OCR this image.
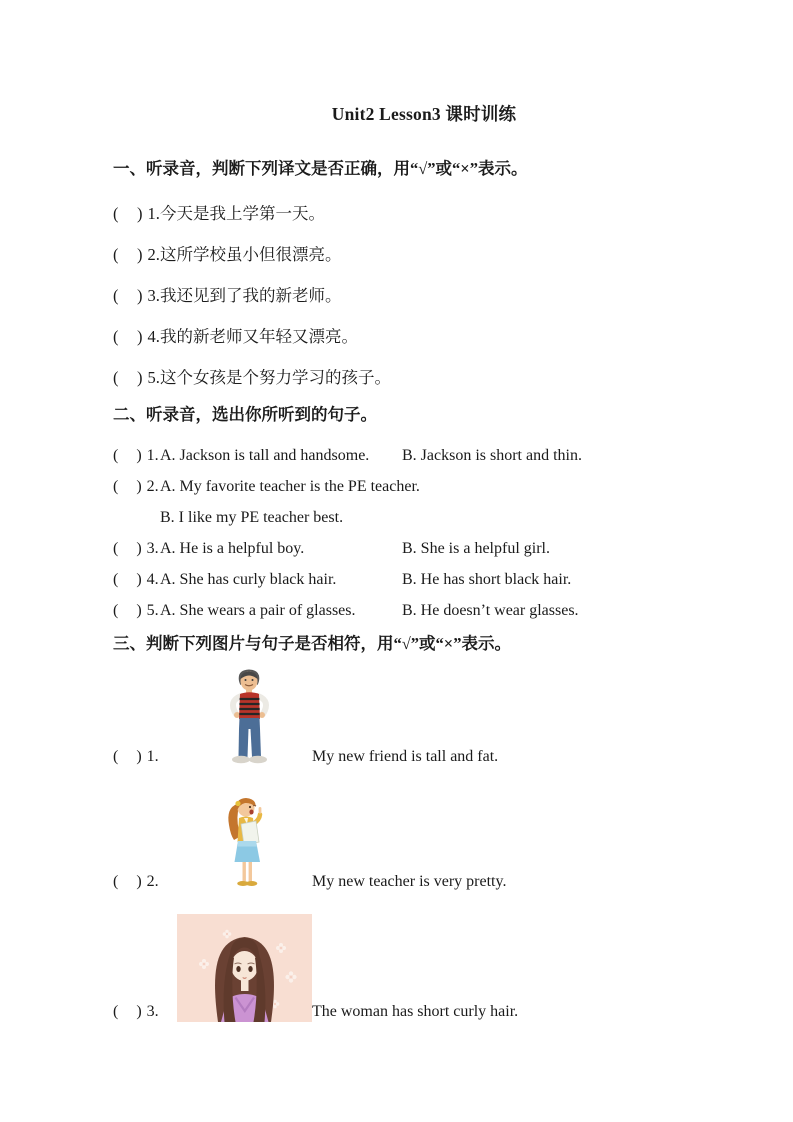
Unit2 Lesson3 课时训练
一、听录音，判断下列译文是否正确，用“√”或“×”表示。
(　) 1. 今天是我上学第一天。
(　) 2. 这所学校虽小但很漂亮。
(　) 3. 我还见到了我的新老师。
(　) 4. 我的新老师又年轻又漂亮。
(　) 5. 这个女孩是个努力学习的孩子。
二、听录音，选出你所听到的句子。
(　) 1. A. Jackson is tall and handsome.	B. Jackson is short and thin.
(　) 2. A. My favorite teacher is the PE teacher.
B. I like my PE teacher best.
(　) 3. A. He is a helpful boy.	B. She is a helpful girl.
(　) 4. A. She has curly black hair.	B. He has short black hair.
(　) 5. A. She wears a pair of glasses.	B. He doesn’t wear glasses.
三、判断下列图片与句子是否相符，用“√”或“×”表示。
(　) 1.	My new friend is tall and fat.
(　) 2.	My new teacher is very pretty.
(　) 3.	The woman has short curly hair.
